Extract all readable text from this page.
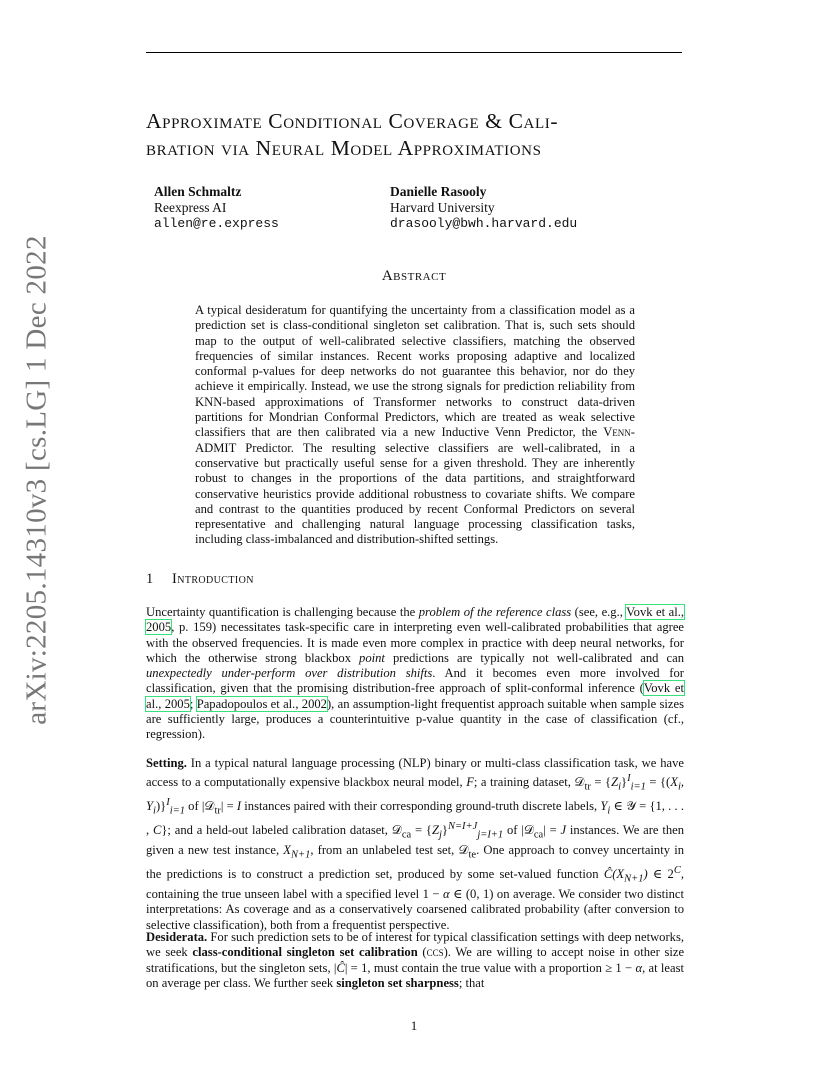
arXiv:2205.14310v3 [cs.LG] 1 Dec 2022
Approximate Conditional Coverage & Cali-
bration via Neural Model Approximations
Allen Schmaltz
Reexpress AI
allen@re.express
Danielle Rasooly
Harvard University
drasooly@bwh.harvard.edu
Abstract

A typical desideratum for quantifying the uncertainty from a classification model as a prediction set is class-conditional singleton set calibration. That is, such sets should map to the output of well-calibrated selective classifiers, matching the observed frequencies of similar instances. Recent works proposing adaptive and localized conformal p-values for deep networks do not guarantee this behavior, nor do they achieve it empirically. Instead, we use the strong signals for prediction reliability from KNN-based approximations of Transformer networks to construct data-driven partitions for Mondrian Conformal Predictors, which are treated as weak selective classifiers that are then calibrated via a new Inductive Venn Predictor, the Venn-ADMIT Predictor. The resulting selective classifiers are well-calibrated, in a conservative but practically useful sense for a given threshold. They are inherently robust to changes in the proportions of the data partitions, and straightforward conservative heuristics provide additional robustness to covariate shifts. We compare and contrast to the quantities produced by recent Conformal Predictors on several representative and challenging natural language processing classification tasks, including class-imbalanced and distribution-shifted settings.

1 Introduction

Uncertainty quantification is challenging because the problem of the reference class (see, e.g., Vovk et al., 2005, p. 159) necessitates task-specific care in interpreting even well-calibrated probabilities that agree with the observed frequencies. It is made even more complex in practice with deep neural networks, for which the otherwise strong blackbox point predictions are typically not well-calibrated and can unexpectedly under-perform over distribution shifts. And it becomes even more involved for classification, given that the promising distribution-free approach of split-conformal inference (Vovk et al., 2005; Papadopoulos et al., 2002), an assumption-light frequentist approach suitable when sample sizes are sufficiently large, produces a counterintuitive p-value quantity in the case of classification (cf., regression).

Setting. In a typical natural language processing (NLP) binary or multi-class classification task, we have access to a computationally expensive blackbox neural model, F; a training dataset, 𝒟$_{tr}$ = $\{Z_i\}^I_{i=1} = \{(X_i$, $Y_i)\}^I_{i=1}$ of |𝒟$_{tr}$| = I instances paired with their corresponding ground-truth discrete labels, $Y_i$ ∈ 𝒴 = {1, . . . , C}; and a held-out labeled calibration dataset, 𝒟$_{ca}$ = $\{Z_j\}^{N=I+J}_{j=I+1}$ of |𝒟$_{ca}$| = J instances. We are then given a new test instance, $X_{N+1}$, from an unlabeled test set, 𝒟$_{te}$. One approach to convey uncertainty in the predictions is to construct a prediction set, produced by some set-valued function $Ĉ(X_{N+1})$ ∈ $2^C$, containing the true unseen label with a specified level 1 − α ∈ (0, 1) on average. We consider two distinct interpretations: As coverage and as a conservatively coarsened calibrated probability (after conversion to selective classification), both from a frequentist perspective.

Desiderata. For such prediction sets to be of interest for typical classification settings with deep networks, we seek class-conditional singleton set calibration (ccs). We are willing to accept noise in other size stratifications, but the singleton sets, |Ĉ| = 1, must contain the true value with a proportion ≥ 1 − α, at least on average per class. We further seek singleton set sharpness; that

1
